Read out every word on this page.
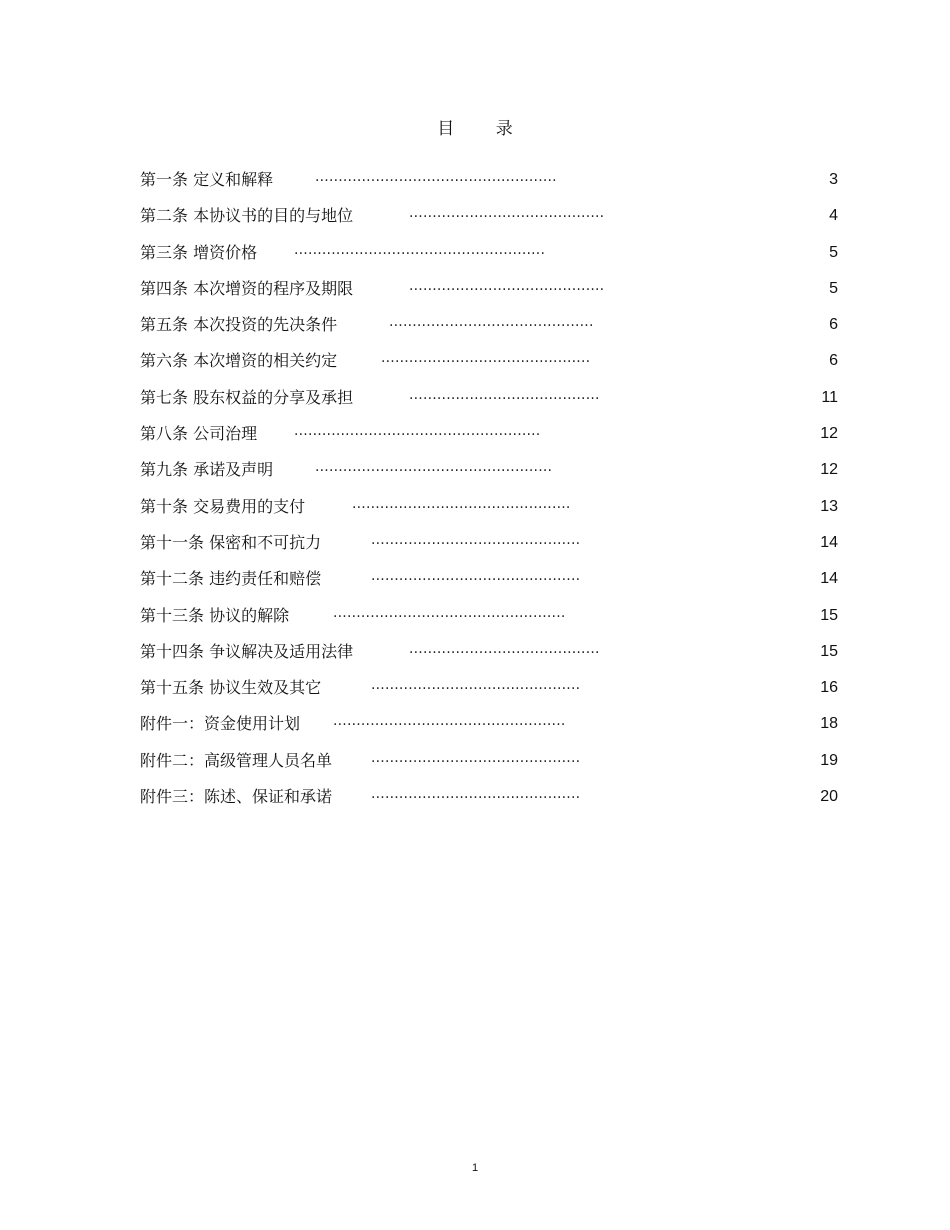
目 录
第一条 定义和解释	....................................................	3
第二条 本协议书的目的与地位	..........................................	4
第三条 增资价格	......................................................	5
第四条 本次增资的程序及期限	..........................................	5
第五条 本次投资的先决条件	............................................	6
第六条 本次增资的相关约定	.............................................	6
第七条 股东权益的分享及承担	.........................................	11
第八条 公司治理	.....................................................	12
第九条 承诺及声明	...................................................	12
第十条 交易费用的支付	...............................................	13
第十一条 保密和不可抗力	.............................................	14
第十二条 违约责任和赔偿	.............................................	14
第十三条 协议的解除	..................................................	15
第十四条 争议解决及适用法律	.........................................	15
第十五条 协议生效及其它	.............................................	16
附件一：资金使用计划 ..................................................	18
附件二：高级管理人员名单	.............................................	19
附件三：陈述、保证和承诺	.............................................	20
1
